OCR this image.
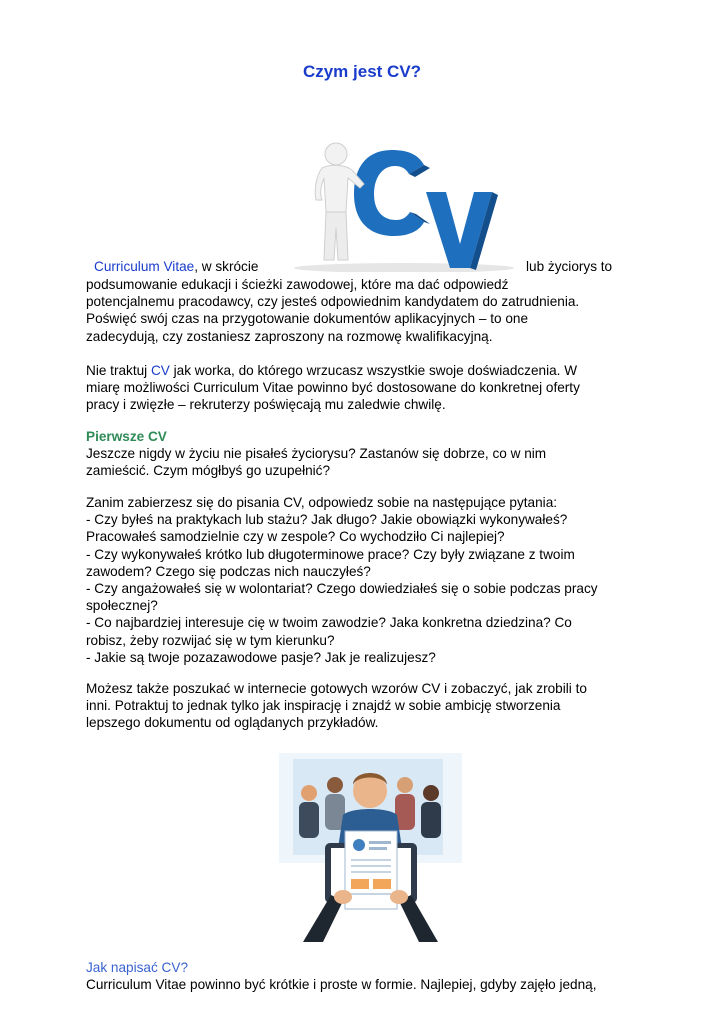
Czym jest CV?
Curriculum Vitae, w skrócie	lub życiorys to

podsumowanie edukacji i ścieżki zawodowej, które ma dać odpowiedź

potencjalnemu pracodawcy, czy jesteś odpowiednim kandydatem do zatrudnienia.

Poświęć swój czas na przygotowanie dokumentów aplikacyjnych – to one

zadecydują, czy zostaniesz zaproszony na rozmowę kwalifikacyjną.

Nie traktuj CV jak worka, do którego wrzucasz wszystkie swoje doświadczenia. W

miarę możliwości Curriculum Vitae powinno być dostosowane do konkretnej oferty

pracy i zwięzłe – rekruterzy poświęcają mu zaledwie chwilę.

Pierwsze CV

Jeszcze nigdy w życiu nie pisałeś życiorysu? Zastanów się dobrze, co w nim

zamieścić. Czym mógłbyś go uzupełnić?

Zanim zabierzesz się do pisania CV, odpowiedz sobie na następujące pytania:

- Czy byłeś na praktykach lub stażu? Jak długo? Jakie obowiązki wykonywałeś?

Pracowałeś samodzielnie czy w zespole? Co wychodziło Ci najlepiej?

- Czy wykonywałeś krótko lub długoterminowe prace? Czy były związane z twoim

zawodem? Czego się podczas nich nauczyłeś?

- Czy angażowałeś się w wolontariat? Czego dowiedziałeś się o sobie podczas pracy

społecznej?

- Co najbardziej interesuje cię w twoim zawodzie? Jaka konkretna dziedzina? Co

robisz, żeby rozwijać się w tym kierunku?

- Jakie są twoje pozazawodowe pasje? Jak je realizujesz?

Możesz także poszukać w internecie gotowych wzorów CV i zobaczyć, jak zrobili to

inni. Potraktuj to jednak tylko jak inspirację i znajdź w sobie ambicję stworzenia

lepszego dokumentu od oglądanych przykładów.

Jak napisać CV?

Curriculum Vitae powinno być krótkie i proste w formie. Najlepiej, gdyby zajęło jedną,
